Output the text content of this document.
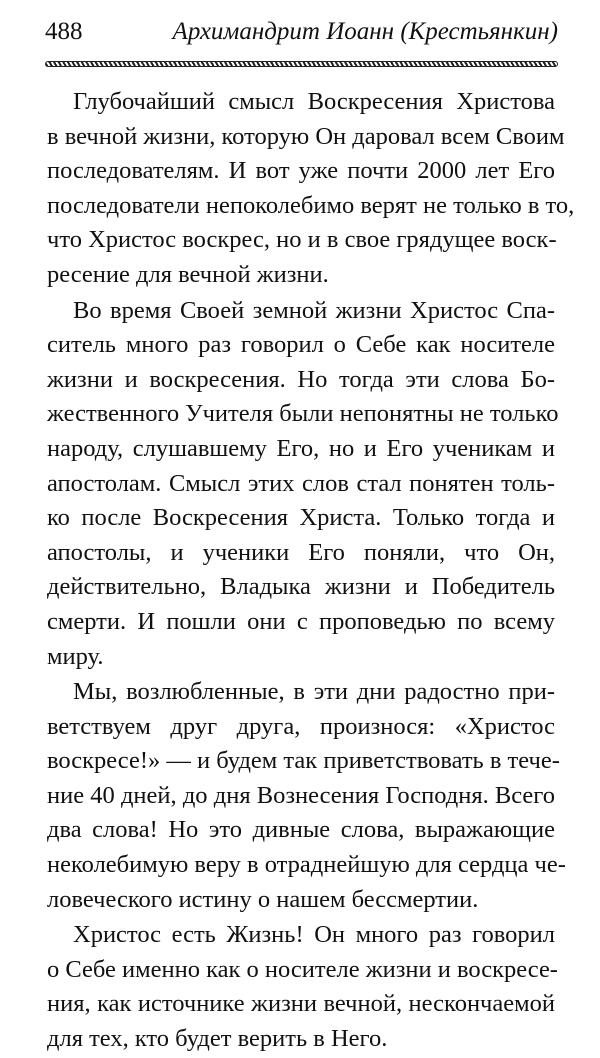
488	Архимандрит Иоанн (Крестьянкин)
Глубочайший смысл Воскресения Христова
в вечной жизни, которую Он даровал всем Своим
последователям. И вот уже почти 2000 лет Его
последователи непоколебимо верят не только в то,
что Христос воскрес, но и в свое грядущее воск-
ресение для вечной жизни.
Во время Своей земной жизни Христос Спа-
ситель много раз говорил о Себе как носителе
жизни и воскресения. Но тогда эти слова Бо-
жественного Учителя были непонятны не только
народу, слушавшему Его, но и Его ученикам и
апостолам. Смысл этих слов стал понятен толь-
ко после Воскресения Христа. Только тогда и
апостолы, и ученики Его поняли, что Он,
действительно, Владыка жизни и Победитель
смерти. И пошли они с проповедью по всему
миру.
Мы, возлюбленные, в эти дни радостно при-
ветствуем друг друга, произнося: «Христос
воскресе!» — и будем так приветствовать в тече-
ние 40 дней, до дня Вознесения Господня. Всего
два слова! Но это дивные слова, выражающие
неколебимую веру в отраднейшую для сердца че-
ловеческого истину о нашем бессмертии.
Христос есть Жизнь! Он много раз говорил
о Себе именно как о носителе жизни и воскресе-
ния, как источнике жизни вечной, нескончаемой
для тех, кто будет верить в Него.
